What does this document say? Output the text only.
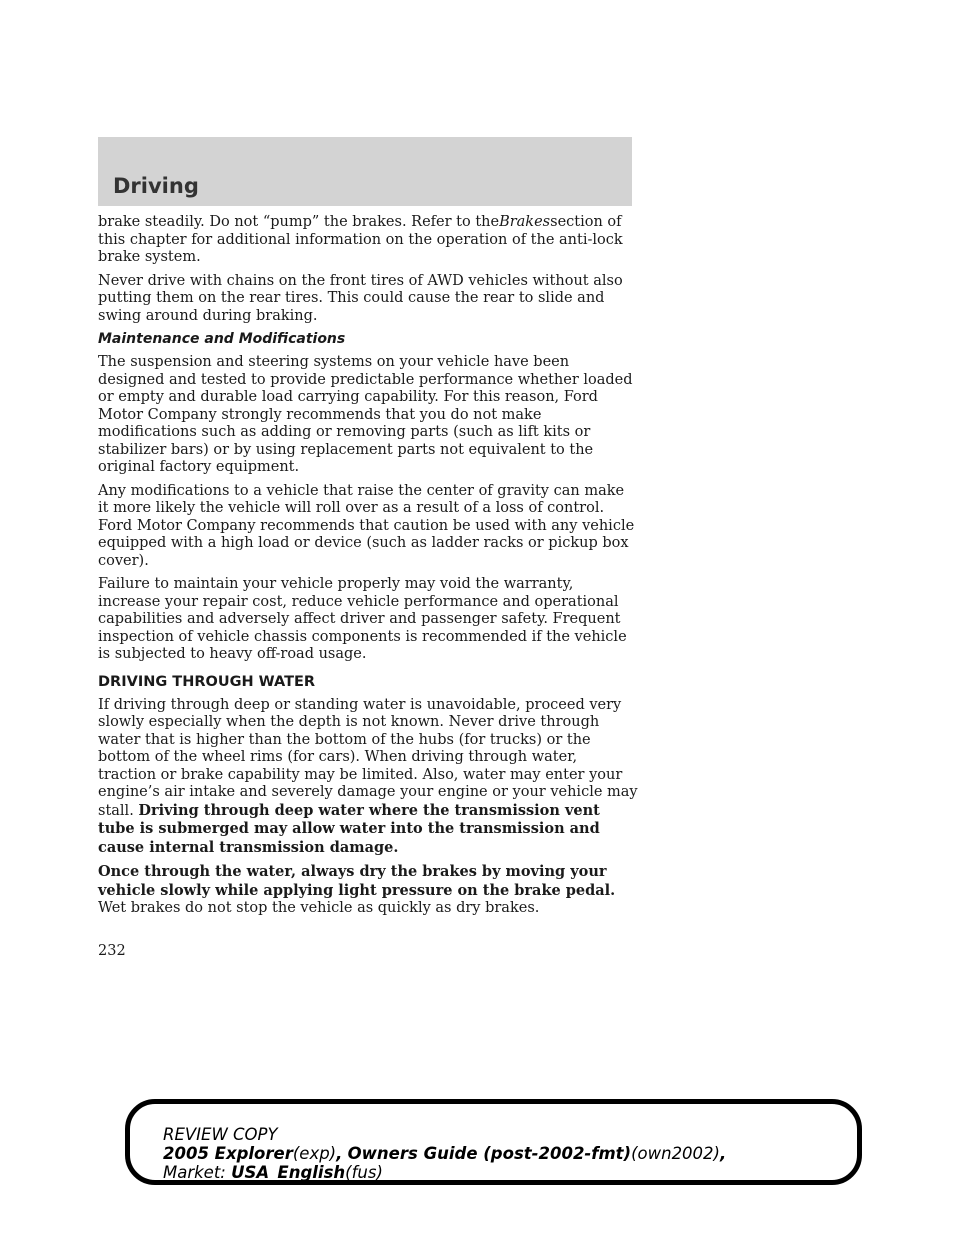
Driving

brake steadily. Do not “pump” the brakes. Refer to theBrakessection of this chapter for additional information on the operation of the anti-lock brake system.

Never drive with chains on the front tires of AWD vehicles without also putting them on the rear tires. This could cause the rear to slide and swing around during braking.

Maintenance and Modifications

The suspension and steering systems on your vehicle have been designed and tested to provide predictable performance whether loaded or empty and durable load carrying capability. For this reason, Ford Motor Company strongly recommends that you do not make modifications such as adding or removing parts (such as lift kits or stabilizer bars) or by using replacement parts not equivalent to the original factory equipment.

Any modifications to a vehicle that raise the center of gravity can make it more likely the vehicle will roll over as a result of a loss of control. Ford Motor Company recommends that caution be used with any vehicle equipped with a high load or device (such as ladder racks or pickup box cover).

Failure to maintain your vehicle properly may void the warranty, increase your repair cost, reduce vehicle performance and operational capabilities and adversely affect driver and passenger safety. Frequent inspection of vehicle chassis components is recommended if the vehicle is subjected to heavy off-road usage.

DRIVING THROUGH WATER

If driving through deep or standing water is unavoidable, proceed very slowly especially when the depth is not known. Never drive through water that is higher than the bottom of the hubs (for trucks) or the bottom of the wheel rims (for cars). When driving through water, traction or brake capability may be limited. Also, water may enter your engine’s air intake and severely damage your engine or your vehicle may stall. Driving through deep water where the transmission vent tube is submerged may allow water into the transmission and cause internal transmission damage.

Once through the water, always dry the brakes by moving your vehicle slowly while applying light pressure on the brake pedal.
Wet brakes do not stop the vehicle as quickly as dry brakes.

232
REVIEW COPY
2005 Explorer(exp), Owners Guide (post-2002-fmt)(own2002),
Market: USA_English(fus)
